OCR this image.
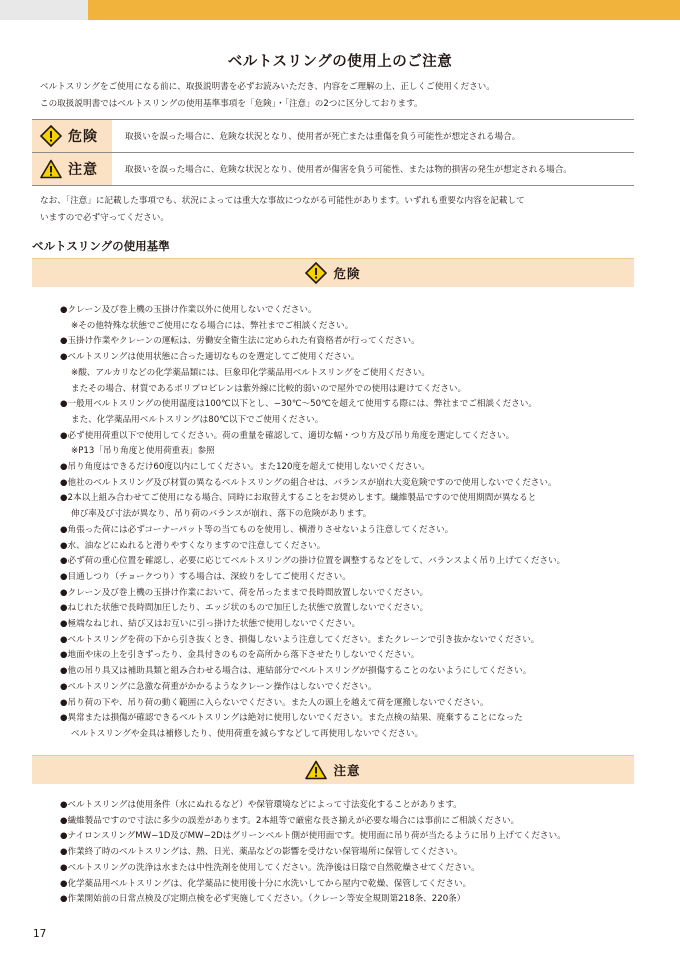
ベルトスリングの使用上のご注意

ベルトスリングをご使用になる前に、取扱説明書を必ずお読みいただき、内容をご理解の上、正しくご使用ください。

この取扱説明書ではベルトスリングの使用基準事項を「危険」・「注意」の2つに区分しております。

危険	取扱いを誤った場合に、危険な状況となり、使用者が死亡または重傷を負う可能性が想定される場合。
注意	取扱いを誤った場合に、危険な状況となり、使用者が傷害を負う可能性、または物的損害の発生が想定される場合。

なお、「注意」に記載した事項でも、状況によっては重大な事故につながる可能性があります。いずれも重要な内容を記載して

いますので必ず守ってください。

ベルトスリングの使用基準
危険
●クレーン及び巻上機の玉掛け作業以外に使用しないでください。
※その他特殊な状態でご使用になる場合には、弊社までご相談ください。
●玉掛け作業やクレーンの運転は、労働安全衛生法に定められた有資格者が行ってください。
●ベルトスリングは使用状態に合った適切なものを選定してご使用ください。
※酸、アルカリなどの化学薬品類には、巨象印化学薬品用ベルトスリングをご使用ください。
またその場合、材質であるポリプロピレンは紫外線に比較的弱いので屋外での使用は避けてください。
●一般用ベルトスリングの使用温度は100℃以下とし、−30℃〜50℃を超えて使用する際には、弊社までご相談ください。
また、化学薬品用ベルトスリングは80℃以下でご使用ください。
●必ず使用荷重以下で使用してください。荷の重量を確認して、適切な幅・つり方及び吊り角度を選定してください。
※P13「吊り角度と使用荷重表」参照
●吊り角度はできるだけ60度以内にしてください。また120度を超えて使用しないでください。
●他社のベルトスリング及び材質の異なるベルトスリングの組合せは、バランスが崩れ大変危険ですので使用しないでください。
●2本以上組み合わせてご使用になる場合、同時にお取替えすることをお奨めします。繊維製品ですので使用期間が異なると
伸び率及び寸法が異なり、吊り荷のバランスが崩れ、落下の危険があります。
●角張った荷には必ずコーナーパット等の当てものを使用し、横滑りさせないよう注意してください。
●水、油などにぬれると滑りやすくなりますので注意してください。
●必ず荷の重心位置を確認し、必要に応じてベルトスリングの掛け位置を調整するなどをして、バランスよく吊り上げてください。
●目通しつり（チョークつり）する場合は、深絞りをしてご使用ください。
●クレーン及び巻上機の玉掛け作業において、荷を吊ったままで長時間放置しないでください。
●ねじれた状態で長時間加圧したり、エッジ状のもので加圧した状態で放置しないでください。
●極端なねじれ、結び又はお互いに引っ掛けた状態で使用しないでください。
●ベルトスリングを荷の下から引き抜くとき、損傷しないよう注意してください。またクレーンで引き抜かないでください。
●地面や床の上を引きずったり、金具付きのものを高所から落下させたりしないでください。
●他の吊り具又は補助具類と組み合わせる場合は、連結部分でベルトスリングが損傷することのないようにしてください。
●ベルトスリングに急激な荷重がかかるようなクレーン操作はしないでください。
●吊り荷の下や、吊り荷の動く範囲に入らないでください。また人の頭上を越えて荷を運搬しないでください。
●異常または損傷が確認できるベルトスリングは絶対に使用しないでください。また点検の結果、廃棄することになった
ベルトスリングや金具は補修したり、使用荷重を減らすなどして再使用しないでください。
注意
●ベルトスリングは使用条件（水にぬれるなど）や保管環境などによって寸法変化することがあります。
●繊維製品ですので寸法に多少の誤差があります。2本組等で厳密な長さ揃えが必要な場合には事前にご相談ください。
●ナイロンスリングMW−1D及びMW−2Dはグリーンベルト側が使用面です。使用面に吊り荷が当たるように吊り上げてください。
●作業終了時のベルトスリングは、熱、日光、薬品などの影響を受けない保管場所に保管してください。
●ベルトスリングの洗浄は水または中性洗剤を使用してください。洗浄後は日陰で自然乾燥させてください。
●化学薬品用ベルトスリングは、化学薬品に使用後十分に水洗いしてから屋内で乾燥、保管してください。
●作業開始前の日常点検及び定期点検を必ず実施してください。（クレーン等安全規則第218条、220条）
17
